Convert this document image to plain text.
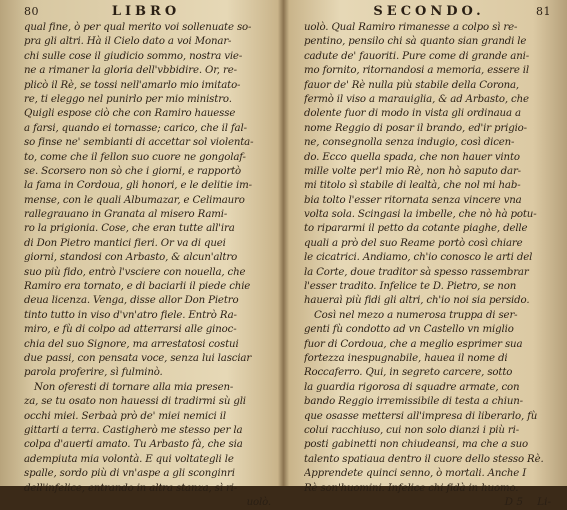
80	LIBRO
qual fine, ò per qual merito voi sollenuate so-
pra gli altri. Hà il Cielo dato a voi Monar-
chi sulle cose il giudicio sommo, nostra vie-
ne a rimaner la gloria dell'vbbidire. Or, re-
plicò il Rè, se tossi nell'amarlo mio imitato-
re, ti eleggo nel punirlo per mio ministro.
Quigli espose ciò che con Ramiro hauesse
a farsi, quando ei tornasse; carico, che il fal-
so finse ne' sembianti di accettar sol violenta-
to, come che il fellon suo cuore ne gongolaf-
se. Scorsero non sò che i giorni, e rapportò
la fama in Cordoua, gli honori, e le delitie im-
mense, con le quali Albumazar, e Celimauro
rallegrauano in Granata al misero Rami-
ro la prigionia. Cose, che eran tutte all'ira
di Don Pietro mantici fieri. Or va di quei
giorni, standosi con Arbasto, & alcun'altro
suo più fido, entrò l'vsciere con nouella, che
Ramiro era tornato, e di baciarli il piede chie
deua licenza. Venga, disse allor Don Pietro
tinto tutto in viso d'vn'atro fiele. Entrò Ra-
miro, e fù di colpo ad atterrarsi alle ginoc-
chia del suo Signore, ma arrestatosi costui
due passi, con pensata voce, senza lui lasciar
parola proferire, sì fulminò.
Non oferesti di tornare alla mia presen-
za, se tu osato non hauessi di tradirmi sù gli
occhi miei. Serbaà prò de' miei nemici il
gittarti a terra. Castigherò me stesso per la
colpa d'auerti amato. Tu Arbasto fà, che sia
adempiuta mia volontà. E qui voltategli le
spalle, sordo più di vn'aspe a gli sconginri
dell'infelice, entrando in altra stanza, sì ri-
uolò.
SECONDO.	81
uolò. Qual Ramiro rimanesse a colpo sì re-
pentino, pensilo chi sà quanto sian grandi le
cadute de' fauoriti. Pure come di grande ani-
mo fornito, ritornandosi a memoria, essere il
fauor de' Rè nulla più stabile della Corona,
fermò il viso a marauiglia, & ad Arbasto, che
dolente fuor di modo in vista gli ordinaua a
nome Reggio di posar il brando, ed'ir prigio-
ne, consegnolla senza indugio, così dicen-
do. Ecco quella spada, che non hauer vinto
mille volte per'l mio Rè, non hò saputo dar-
mi titolo sì stabile di lealtà, che nol mi hab-
bia tolto l'esser ritornata senza vincere vna
volta sola. Scingasi la imbelle, che nò hà potu-
to ripararmi il petto da cotante piaghe, delle
quali a prò del suo Reame portò così chiare
le cicatrici. Andiamo, ch'io conosco le arti del
la Corte, doue traditor sà spesso rassembrar
l'esser tradito. Infelice te D. Pietro, se non
haueraì più fidi gli altri, ch'io noi sia persido.
Così nel mezo a numerosa truppa di ser-
genti fù condotto ad vn Castello vn miglio
fuor di Cordoua, che a meglio esprimer sua
fortezza inespugnabile, hauea il nome di
Roccaferro. Qui, in segreto carcere, sotto
la guardia rigorosa di squadre armate, con
bando Reggio irremissibile di testa a chiun-
que osasse mettersi all'impresa di liberarlo, fù
colui racchiuso, cui non solo dianzi i più ri-
posti gabinetti non chiudeansi, ma che a suo
talento spatiaua dentro il cuore dello stesso Rè.
Apprendete quinci senno, ò mortali. Anche I
Rè son'huomini. Infelice chi fidà in huomo.
D 5 Li-
